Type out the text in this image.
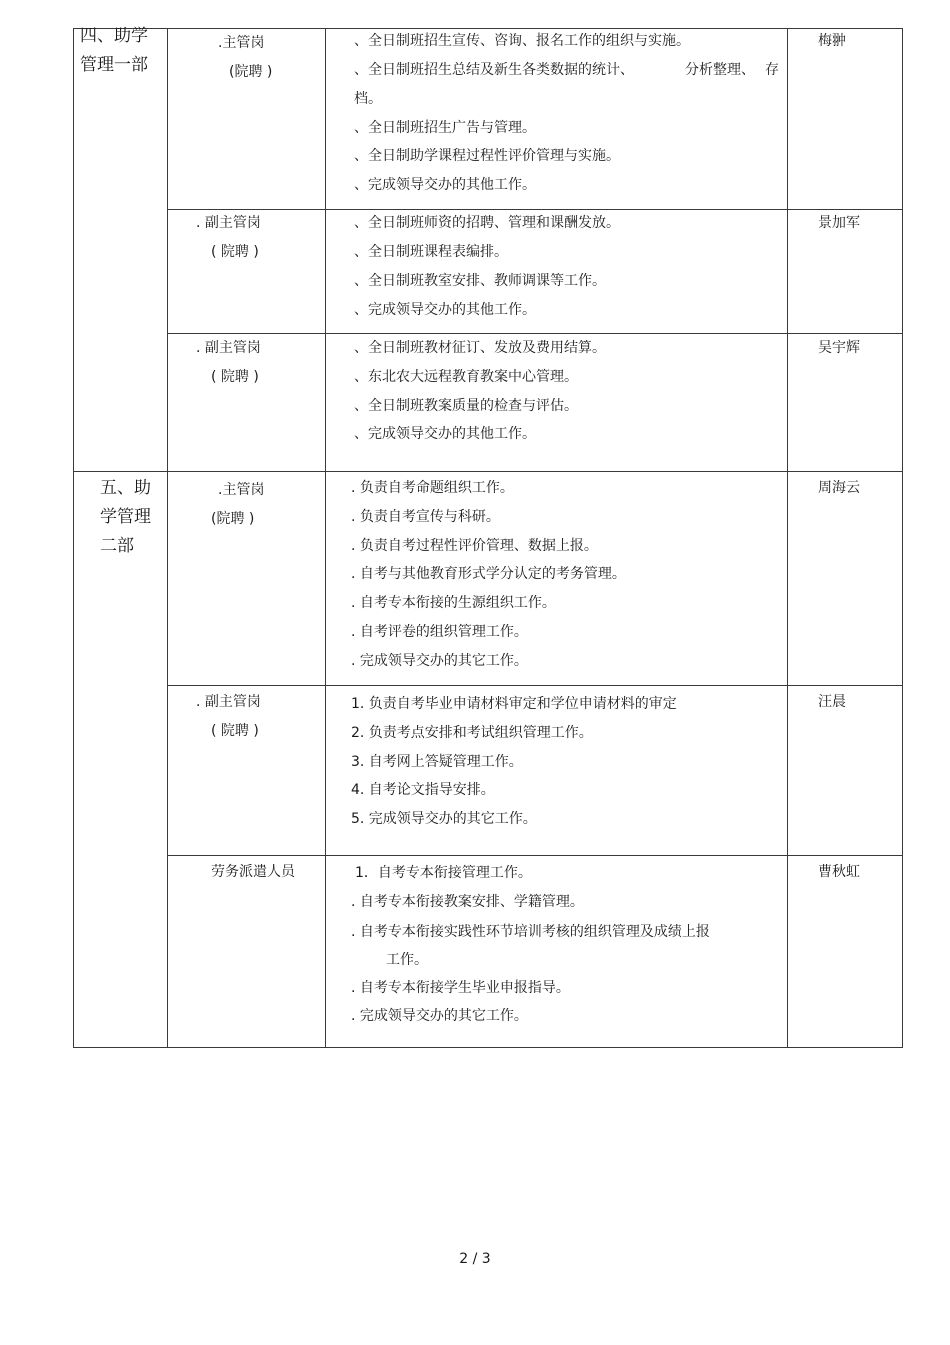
四、助学
管理一部
.主管岗
(院聘 )
、全日制班招生宣传、咨询、报名工作的组织与实施。
、全日制班招生总结及新生各类数据的统计、	分析整理、 存
档。
、全日制班招生广告与管理。
、全日制助学课程过程性评价管理与实施。
、完成领导交办的其他工作。
梅翀
. 副主管岗
( 院聘 )
、全日制班师资的招聘、管理和课酬发放。
、全日制班课程表编排。
、全日制班教室安排、教师调课等工作。
、完成领导交办的其他工作。
景加军
. 副主管岗
( 院聘 )
、全日制班教材征订、发放及费用结算。
、东北农大远程教育教案中心管理。
、全日制班教案质量的检查与评估。
、完成领导交办的其他工作。
吴宇辉
五、助
学管理
二部
.主管岗
(院聘 )
. 负责自考命题组织工作。
. 负责自考宣传与科研。
. 负责自考过程性评价管理、数据上报。
. 自考与其他教育形式学分认定的考务管理。
. 自考专本衔接的生源组织工作。
. 自考评卷的组织管理工作。
. 完成领导交办的其它工作。
周海云
. 副主管岗
( 院聘 )
1. 负责自考毕业申请材料审定和学位申请材料的审定
2. 负责考点安排和考试组织管理工作。
3. 自考网上答疑管理工作。
4. 自考论文指导安排。
5. 完成领导交办的其它工作。
汪晨
劳务派遣人员	1．自考专本衔接管理工作。
. 自考专本衔接教案安排、学籍管理。
. 自考专本衔接实践性环节培训考核的组织管理及成绩上报
工作。
. 自考专本衔接学生毕业申报指导。
. 完成领导交办的其它工作。
曹秋虹
2 / 3
